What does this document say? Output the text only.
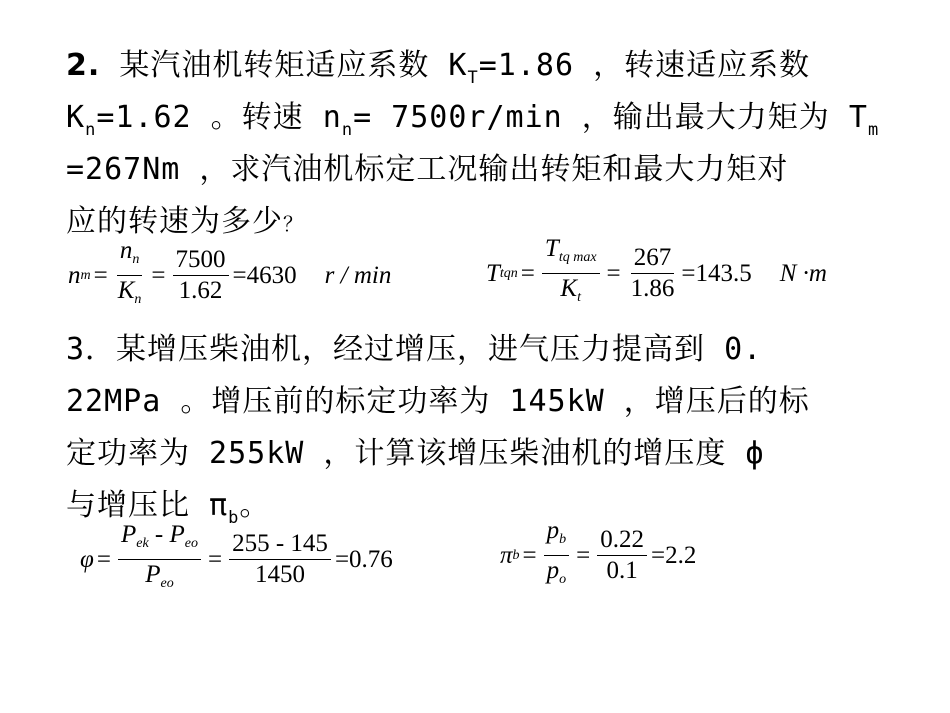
2. 某汽油机转矩适应系数 $K_T=1.86$ ，转速适应系数
$K_n=1.62$ 。转速 $n_n= 7500r/\min$ ，输出最大力矩为 $T_m$
=267Nm ，求汽油机标定工况输出转矩和最大力矩对
应的转速为多少？
n $m = \frac{n_n}{K_n} = \frac{7500}{1.62} =4630$ r / min	T tqn = $\frac{T_{tq max}}{K_t} = \frac{267}{1.86} =143.5$ N ·m
3．某增压柴油机，经过增压，进气压力提高到 0.
22MPa 。增压前的标定功率为 145kW ，增压后的标
定功率为 255kW ，计算该增压柴油机的增压度 ф
与增压比 $\pi_b$。
$\varphi = \frac{P_{ek} - P_{eo}}{P_{eo}} = \frac{255 - 145}{1450} =0.76$	π $b = \frac{p_b}{p_o} = \frac{0.22}{0.1} =2.2$
